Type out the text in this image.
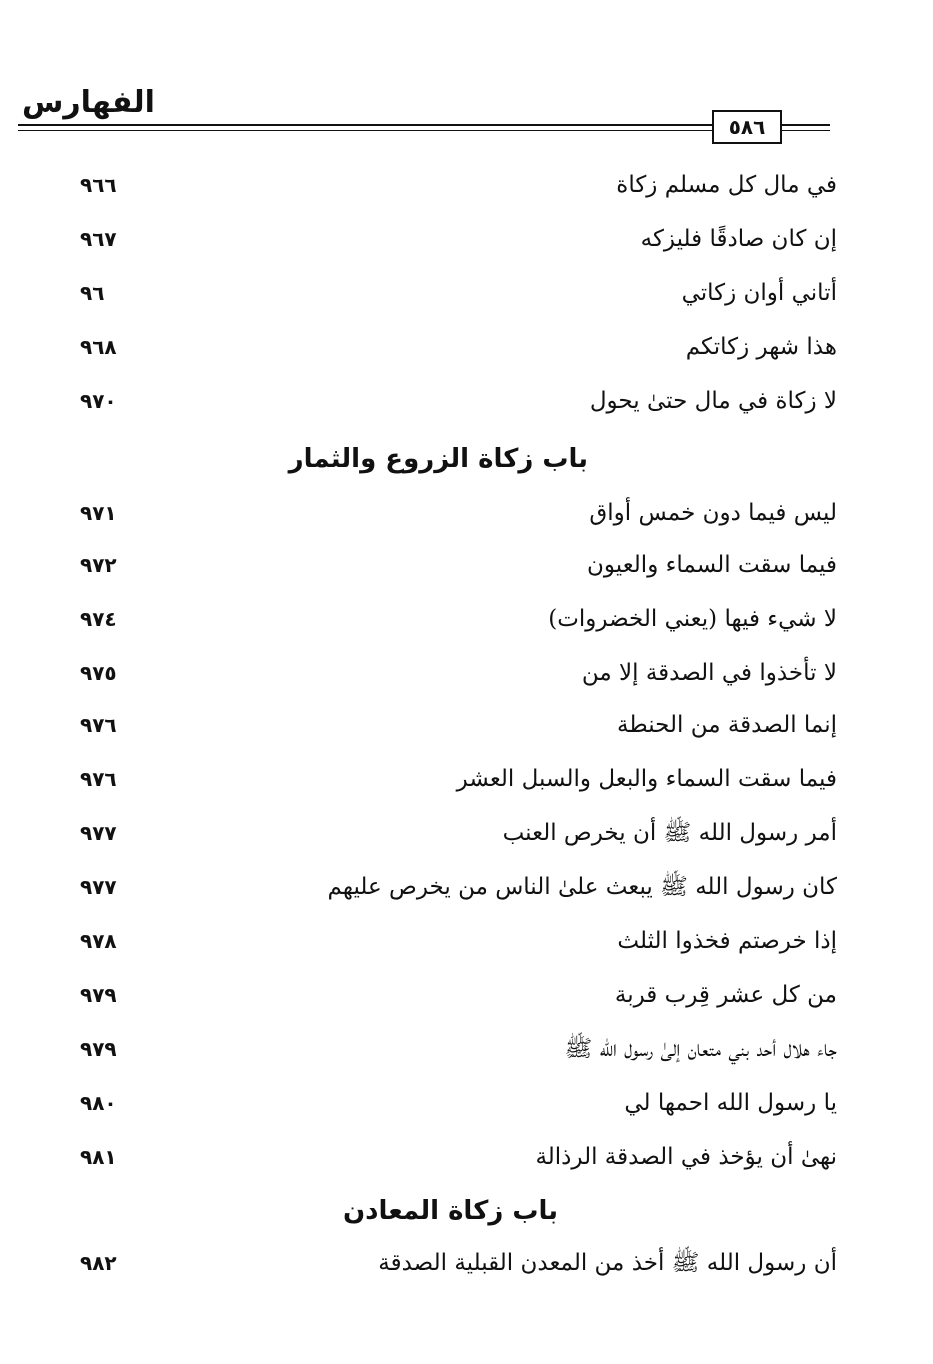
الفهارس
٥٨٦
في مال كل مسلم زكاة
٩٦٦
إن كان صادقًا فليزكه
٩٦٧
أتاني أوان زكاتي
٩٦
هذا شهر زكاتكم
٩٦٨
لا زكاة في مال حتىٰ يحول
٩٧٠
باب زكاة الزروع والثمار
ليس فيما دون خمس أواق
٩٧١
فيما سقت السماء والعيون
٩٧٢
لا شيء فيها (يعني الخضروات)
٩٧٤
لا تأخذوا في الصدقة إلا من
٩٧٥
إنما الصدقة من الحنطة
٩٧٦
فيما سقت السماء والبعل والسبل العشر
٩٧٦
أمر رسول الله ﷺ أن يخرص العنب
٩٧٧
كان رسول الله ﷺ يبعث علىٰ الناس من يخرص عليهم
٩٧٧
إذا خرصتم فخذوا الثلث
٩٧٨
من كل عشر قِرب قربة
٩٧٩
جاء هلال أحد بني متعان إلىٰ رسول الله ﷺ
٩٧٩
يا رسول الله احمها لي
٩٨٠
نهىٰ أن يؤخذ في الصدقة الرذالة
٩٨١
باب زكاة المعادن
أن رسول الله ﷺ أخذ من المعدن القبلية الصدقة
٩٨٢
